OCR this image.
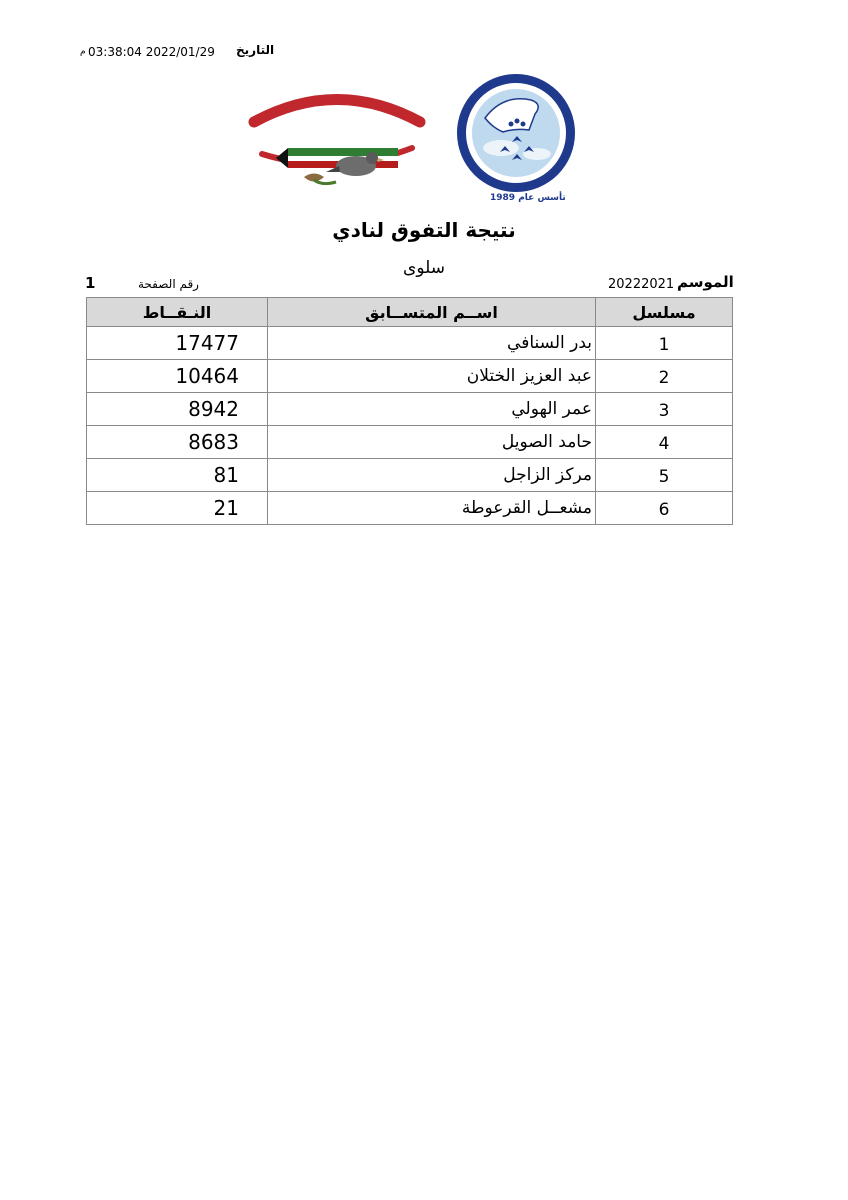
التاريخ
03:38:04 2022/01/29
م
تأسس عام 1989
نتيجة التفوق لنادي
سلوى
الموسم
20222021
رقم الصفحة
1
النـقــاط	اســم المتســابق	مسلسل
17477	بدر السنافي	1
10464	عبد العزيز الختلان	2
8942	عمر الهولي	3
8683	حامد الصويل	4
81	مركز الزاجل	5
21	مشعــل القرعوطة	6
